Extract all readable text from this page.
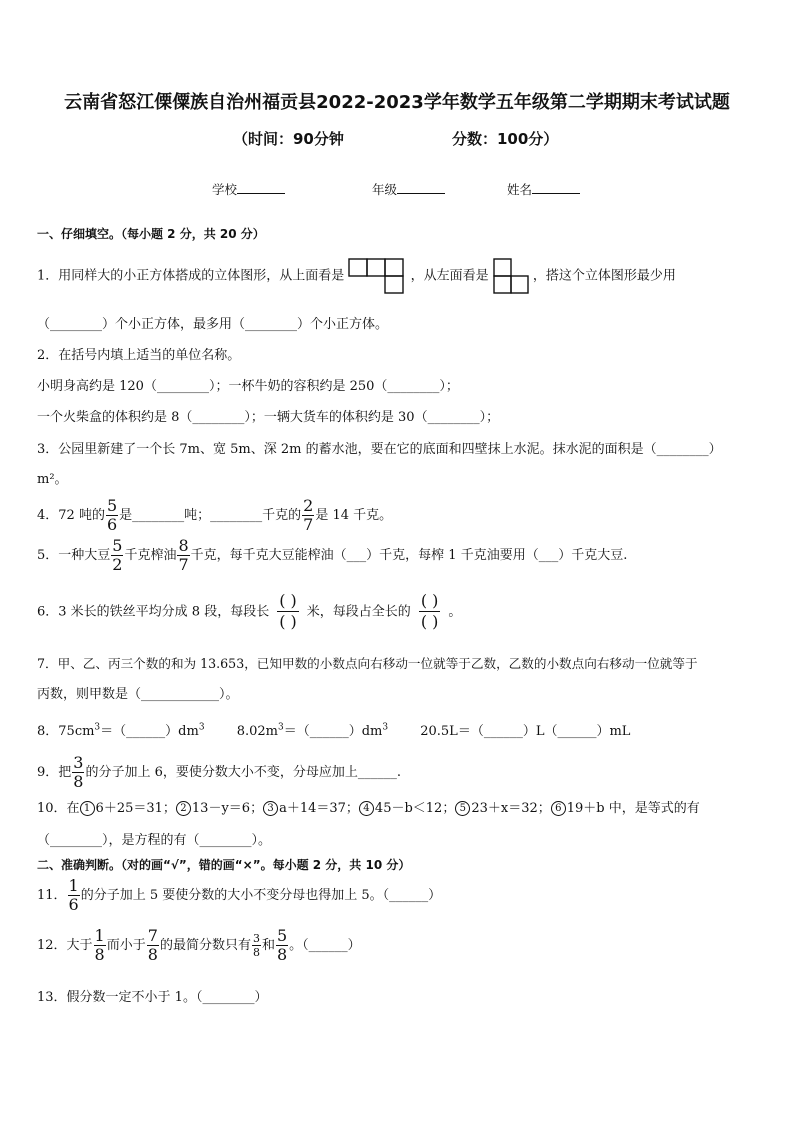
云南省怒江傈僳族自治州福贡县2022-2023学年数学五年级第二学期期末考试试题
（时间：90分钟	分数：100分）
学校	年级	姓名
一、仔细填空。（每小题 2 分，共 20 分）
1．用同样大的小正方体搭成的立体图形，从上面看是	，从左面看是	，搭这个立体图形最少用
（________）个小正方体，最多用（________）个小正方体。
2．在括号内填上适当的单位名称。
小明身高约是 120（________）；一杯牛奶的容积约是 250（________）；
一个火柴盒的体积约是 8（________）；一辆大货车的体积约是 30（________）；
3．公园里新建了一个长 7m、宽 5m、深 2m 的蓄水池，要在它的底面和四壁抹上水泥。抹水泥的面积是（________）
m²。
4．72 吨的 $\frac{5}{6}$ 是________吨；________千克的 $\frac{2}{7}$ 是 14 千克。
5．一种大豆 $\frac{5}{2}$ 千克榨油 $\frac{8}{7}$ 千克，每千克大豆能榨油（___）千克，每榨 1 千克油要用（___）千克大豆.
6．3 米长的铁丝平均分成 8 段，每段长 $\frac{( )}{( )}$ 米，每段占全长的 $\frac{( )}{( )}$ 。
7．甲、乙、丙三个数的和为 13.653，已知甲数的小数点向右移动一位就等于乙数，乙数的小数点向右移动一位就等于
丙数，则甲数是（____________）。
8．$75cm^3=(\_\_\_\_\_\_)dm^3$ $8.02m^3=(\_\_\_\_\_\_)dm^3$ 20.5L＝（______）L（______）mL
9．把 $\frac{3}{8}$ 的分子加上 6，要使分数大小不变，分母应加上______.
10．在 1 6＋25＝31； 2 13－y＝6； 3 a＋14＝37； 4 45－b＜12； 5 23＋x＝32； 6 19＋b 中，是等式的有
（________），是方程的有（________）。
二、准确判断。（对的画“√”，错的画“×”。每小题 2 分，共 10 分）
11． $\frac{1}{6}$ 的分子加上 5 要使分数的大小不变分母也得加上 5。（______）
12．大于 $\frac{1}{8}$ 而小于 $\frac{7}{8}$ 的最简分数只有 $\frac{3}{8}$ 和 $\frac{5}{8}$ 。（______）
13．假分数一定不小于 1。（________）
